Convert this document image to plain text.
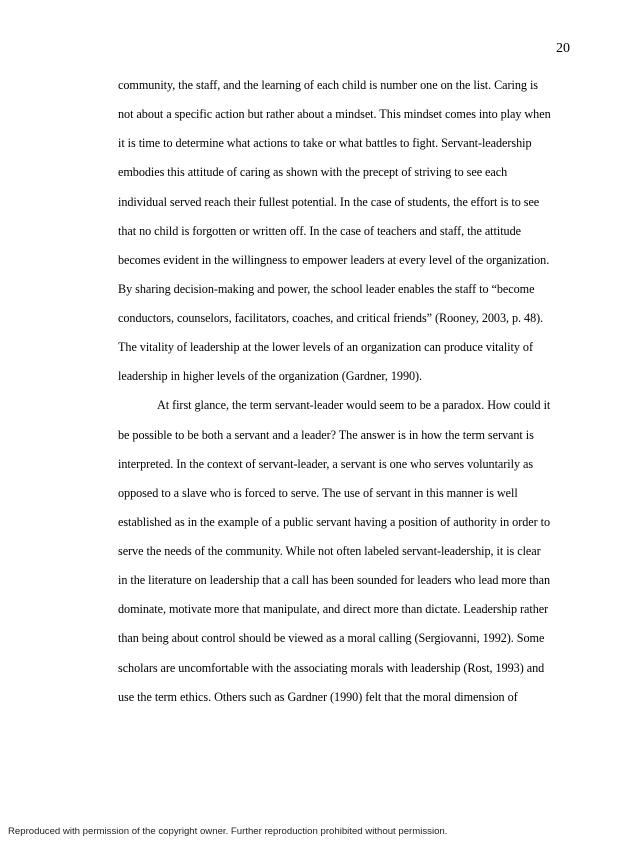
20
community, the staff, and the learning of each child is number one on the list. Caring is
not about a specific action but rather about a mindset. This mindset comes into play when
it is time to determine what actions to take or what battles to fight. Servant-leadership
embodies this attitude of caring as shown with the precept of striving to see each
individual served reach their fullest potential. In the case of students, the effort is to see
that no child is forgotten or written off. In the case of teachers and staff, the attitude
becomes evident in the willingness to empower leaders at every level of the organization.
By sharing decision-making and power, the school leader enables the staff to “become
conductors, counselors, facilitators, coaches, and critical friends” (Rooney, 2003, p. 48).
The vitality of leadership at the lower levels of an organization can produce vitality of
leadership in higher levels of the organization (Gardner, 1990).
At first glance, the term servant-leader would seem to be a paradox. How could it
be possible to be both a servant and a leader? The answer is in how the term servant is
interpreted. In the context of servant-leader, a servant is one who serves voluntarily as
opposed to a slave who is forced to serve. The use of servant in this manner is well
established as in the example of a public servant having a position of authority in order to
serve the needs of the community. While not often labeled servant-leadership, it is clear
in the literature on leadership that a call has been sounded for leaders who lead more than
dominate, motivate more that manipulate, and direct more than dictate. Leadership rather
than being about control should be viewed as a moral calling (Sergiovanni, 1992). Some
scholars are uncomfortable with the associating morals with leadership (Rost, 1993) and
use the term ethics. Others such as Gardner (1990) felt that the moral dimension of
Reproduced with permission of the copyright owner. Further reproduction prohibited without permission.
